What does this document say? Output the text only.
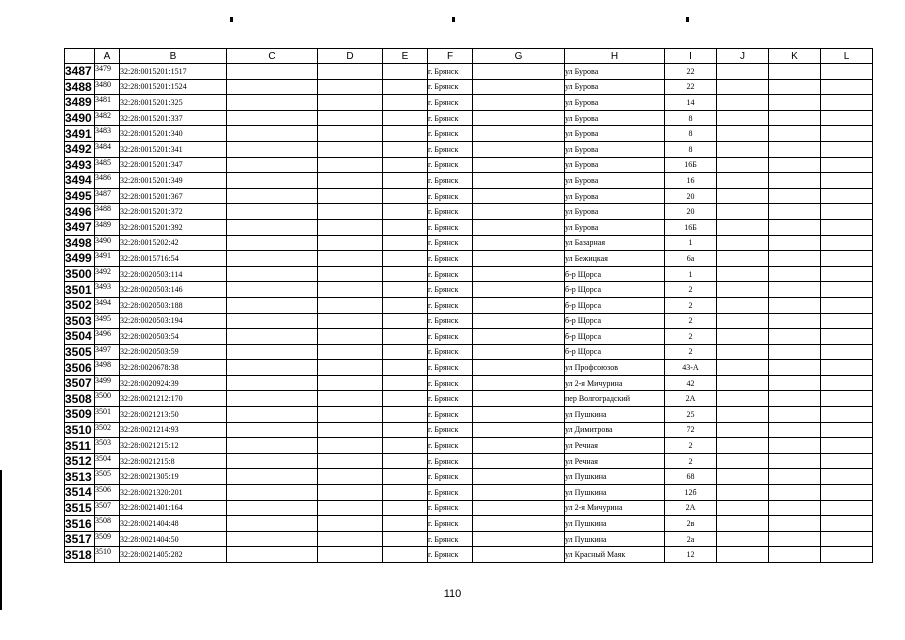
	A	B	C	D	E	F	G	H	I	J	K	L
3487	3479	32:28:0015201:1517				г. Брянск		ул Бурова	22			
3488	3480	32:28:0015201:1524				г. Брянск		ул Бурова	22			
3489	3481	32:28:0015201:325				г. Брянск		ул Бурова	14			
3490	3482	32:28:0015201:337				г. Брянск		ул Бурова	8			
3491	3483	32:28:0015201:340				г. Брянск		ул Бурова	8			
3492	3484	32:28:0015201:341				г. Брянск		ул Бурова	8			
3493	3485	32:28:0015201:347				г. Брянск		ул Бурова	16Б			
3494	3486	32:28:0015201:349				г. Брянск		ул Бурова	16			
3495	3487	32:28:0015201:367				г. Брянск		ул Бурова	20			
3496	3488	32:28:0015201:372				г. Брянск		ул Бурова	20			
3497	3489	32:28:0015201:392				г. Брянск		ул Бурова	16Б			
3498	3490	32:28:0015202:42				г. Брянск		ул Базарная	1			
3499	3491	32:28:0015716:54				г. Брянск		ул Бежицкая	6а			
3500	3492	32:28:0020503:114				г. Брянск		б-р Щорса	1			
3501	3493	32:28:0020503:146				г. Брянск		б-р Щорса	2			
3502	3494	32:28:0020503:188				г. Брянск		б-р Щорса	2			
3503	3495	32:28:0020503:194				г. Брянск		б-р Щорса	2			
3504	3496	32:28:0020503:54				г. Брянск		б-р Щорса	2			
3505	3497	32:28:0020503:59				г. Брянск		б-р Щорса	2			
3506	3498	32:28:0020678:38				г. Брянск		ул Профсоюзов	43-А			
3507	3499	32:28:0020924:39				г. Брянск		ул 2-я Мичурина	42			
3508	3500	32:28:0021212:170				г. Брянск		пер Волгоградский	2А			
3509	3501	32:28:0021213:50				г. Брянск		ул Пушкина	25			
3510	3502	32:28:0021214:93				г. Брянск		ул Димитрова	72			
3511	3503	32:28:0021215:12				г. Брянск		ул Речная	2			
3512	3504	32:28:0021215:8				г. Брянск		ул Речная	2			
3513	3505	32:28:0021305:19				г. Брянск		ул Пушкина	68			
3514	3506	32:28:0021320:201				г. Брянск		ул Пушкина	12б			
3515	3507	32:28:0021401:164				г. Брянск		ул 2-я Мичурина	2А			
3516	3508	32:28:0021404:48				г. Брянск		ул Пушкина	2в			
3517	3509	32:28:0021404:50				г. Брянск		ул Пушкина	2а			
3518	3510	32:28:0021405:282				г. Брянск		ул Красный Маяк	12			
110
